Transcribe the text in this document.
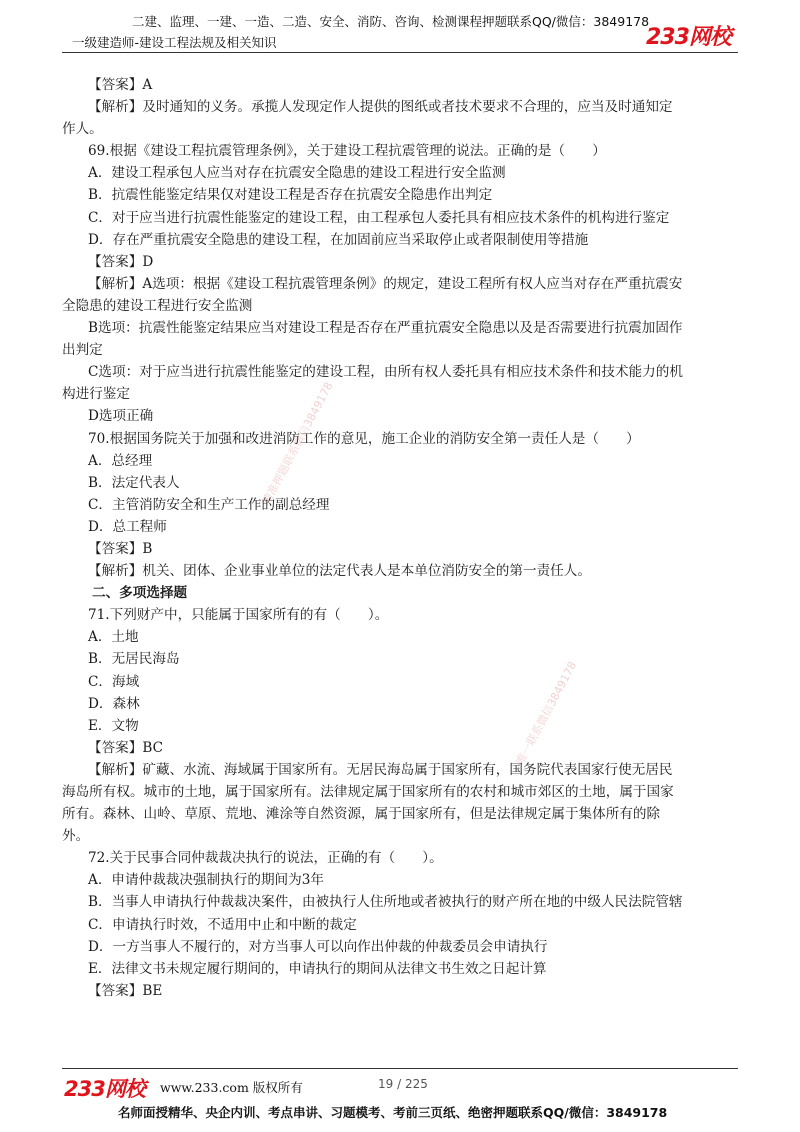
二建、监理、一建、一造、二造、安全、消防、咨询、检测课程押题联系QQ/微信：3849178
一级建造师-建设工程法规及相关知识	233网校
【答案】A
【解析】及时通知的义务。承揽人发现定作人提供的图纸或者技术要求不合理的，应当及时通知定
作人。
69.根据《建设工程抗震管理条例》，关于建设工程抗震管理的说法。正确的是（　　）
A．建设工程承包人应当对存在抗震安全隐患的建设工程进行安全监测
B．抗震性能鉴定结果仅对建设工程是否存在抗震安全隐患作出判定
C．对于应当进行抗震性能鉴定的建设工程，由工程承包人委托具有相应技术条件的机构进行鉴定
D．存在严重抗震安全隐患的建设工程，在加固前应当采取停止或者限制使用等措施
【答案】D
【解析】A选项：根据《建设工程抗震管理条例》的规定，建设工程所有权人应当对存在严重抗震安
全隐患的建设工程进行安全监测
B选项：抗震性能鉴定结果应当对建设工程是否存在严重抗震安全隐患以及是否需要进行抗震加固作
出判定
C选项：对于应当进行抗震性能鉴定的建设工程，由所有权人委托具有相应技术条件和技术能力的机
构进行鉴定
D选项正确
70.根据国务院关于加强和改进消防工作的意见，施工企业的消防安全第一责任人是（　　）
A．总经理
B．法定代表人
C．主管消防安全和生产工作的副总经理
D．总工程师
【答案】B
【解析】机关、团体、企业事业单位的法定代表人是本单位消防安全的第一责任人。
二、多项选择题
71.下列财产中，只能属于国家所有的有（　　）。
A．土地
B．无居民海岛
C．海域
D．森林
E．文物
【答案】BC
【解析】矿藏、水流、海域属于国家所有。无居民海岛属于国家所有，国务院代表国家行使无居民
海岛所有权。城市的土地，属于国家所有。法律规定属于国家所有的农村和城市郊区的土地，属于国家
所有。森林、山岭、草原、荒地、滩涂等自然资源，属于国家所有，但是法律规定属于集体所有的除
外。
72.关于民事合同仲裁裁决执行的说法，正确的有（　　）。
A．申请仲裁裁决强制执行的期间为3年
B．当事人申请执行仲裁裁决案件，由被执行人住所地或者被执行的财产所在地的中级人民法院管辖
C．申请执行时效，不适用中止和中断的裁定
D．一方当事人不履行的，对方当事人可以向作出仲裁的仲裁委员会申请执行
E．法律文书未规定履行期间的，申请执行的期间从法律文书生效之日起计算
【答案】BE
精准押题联系微信3849178
唯一联系微信3849178
233网校 www.233.com 版权所有	19 / 225
名师面授精华、央企内训、考点串讲、习题模考、考前三页纸、绝密押题联系QQ/微信：3849178
